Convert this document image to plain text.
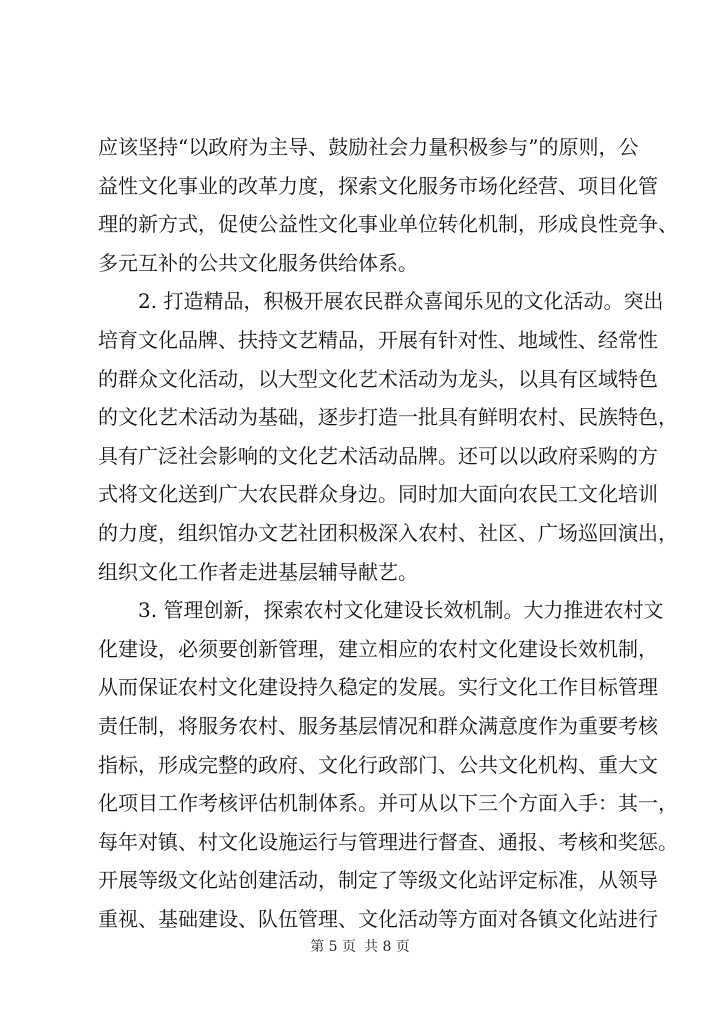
应该坚持“以政府为主导、鼓励社会力量积极参与”的原则，公
益性文化事业的改革力度，探索文化服务市场化经营、项目化管
理的新方式，促使公益性文化事业单位转化机制，形成良性竞争、
多元互补的公共文化服务供给体系。
2. 打造精品，积极开展农民群众喜闻乐见的文化活动。突出
培育文化品牌、扶持文艺精品，开展有针对性、地域性、经常性
的群众文化活动，以大型文化艺术活动为龙头，以具有区域特色
的文化艺术活动为基础，逐步打造一批具有鲜明农村、民族特色，
具有广泛社会影响的文化艺术活动品牌。还可以以政府采购的方
式将文化送到广大农民群众身边。同时加大面向农民工文化培训
的力度，组织馆办文艺社团积极深入农村、社区、广场巡回演出，
组织文化工作者走进基层辅导献艺。
3. 管理创新，探索农村文化建设长效机制。大力推进农村文
化建设，必须要创新管理，建立相应的农村文化建设长效机制，
从而保证农村文化建设持久稳定的发展。实行文化工作目标管理
责任制，将服务农村、服务基层情况和群众满意度作为重要考核
指标，形成完整的政府、文化行政部门、公共文化机构、重大文
化项目工作考核评估机制体系。并可从以下三个方面入手：其一，
每年对镇、村文化设施运行与管理进行督查、通报、考核和奖惩。
开展等级文化站创建活动，制定了等级文化站评定标准，从领导
重视、基础建设、队伍管理、文化活动等方面对各镇文化站进行
第 5 页 共 8 页
